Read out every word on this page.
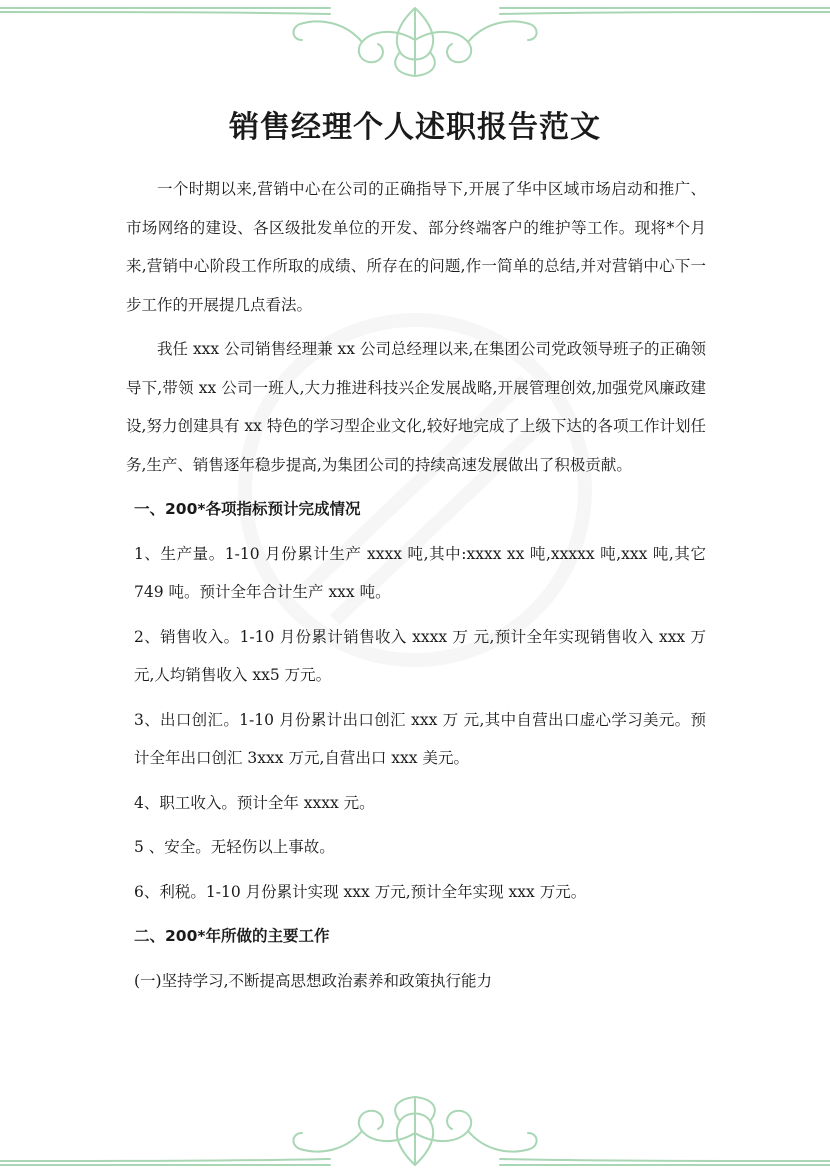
销售经理个人述职报告范文

一个时期以来,营销中心在公司的正确指导下,开展了华中区域市场启动和推广、市场网络的建设、各区级批发单位的开发、部分终端客户的维护等工作。现将*个月来,营销中心阶段工作所取的成绩、所存在的问题,作一简单的总结,并对营销中心下一步工作的开展提几点看法。

我任 xxx 公司销售经理兼 xx 公司总经理以来,在集团公司党政领导班子的正确领导下,带领 xx 公司一班人,大力推进科技兴企发展战略,开展管理创效,加强党风廉政建设,努力创建具有 xx 特色的学习型企业文化,较好地完成了上级下达的各项工作计划任务,生产、销售逐年稳步提高,为集团公司的持续高速发展做出了积极贡献。

一、200*各项指标预计完成情况

1、生产量。1-10 月份累计生产 xxxx 吨,其中:xxxx xx 吨,xxxxx 吨,xxx 吨,其它 749 吨。预计全年合计生产 xxx 吨。

2、销售收入。1-10 月份累计销售收入 xxxx 万 元,预计全年实现销售收入 xxx 万元,人均销售收入 xx5 万元。

3、出口创汇。1-10 月份累计出口创汇 xxx 万 元,其中自营出口虚心学习美元。预计全年出口创汇 3xxx 万元,自营出口 xxx 美元。

4、职工收入。预计全年 xxxx 元。

5 、安全。无轻伤以上事故。

6、利税。1-10 月份累计实现 xxx 万元,预计全年实现 xxx 万元。

二、200*年所做的主要工作

(一)坚持学习,不断提高思想政治素养和政策执行能力
